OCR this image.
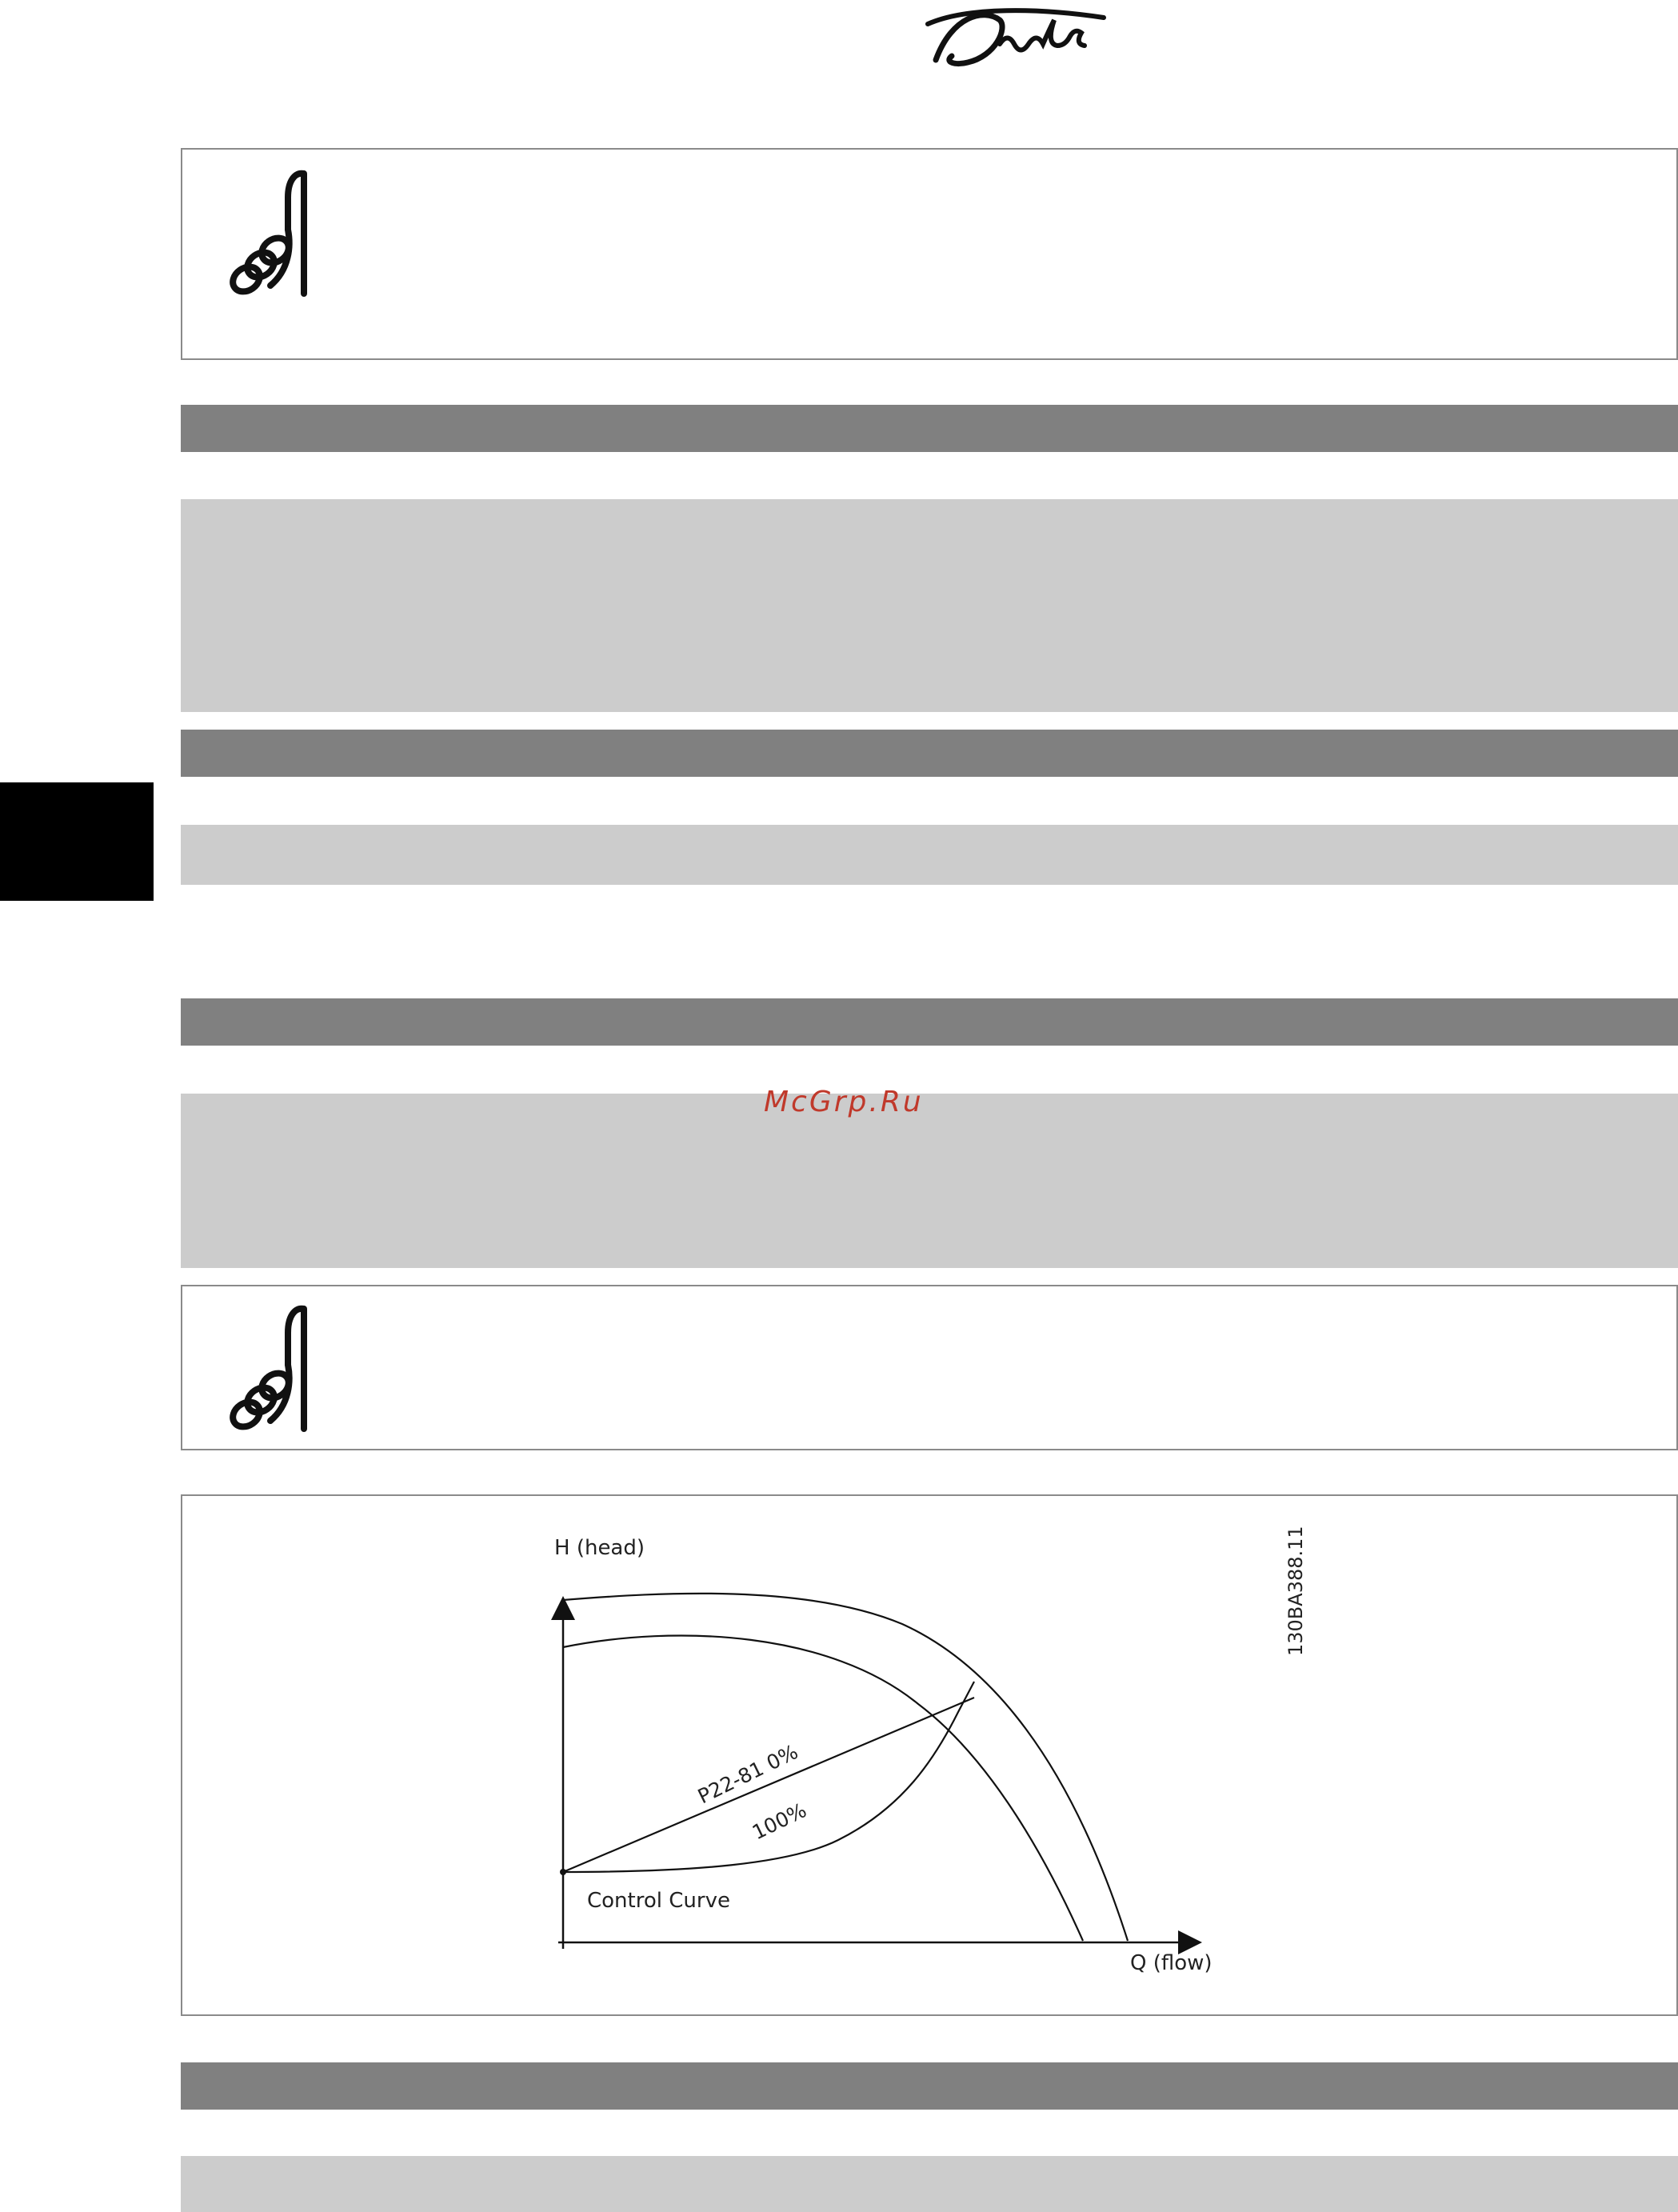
McGrp.Ru
H (head)
Q (flow)
P22-81 0%
100%
Control Curve
130BA388.11
